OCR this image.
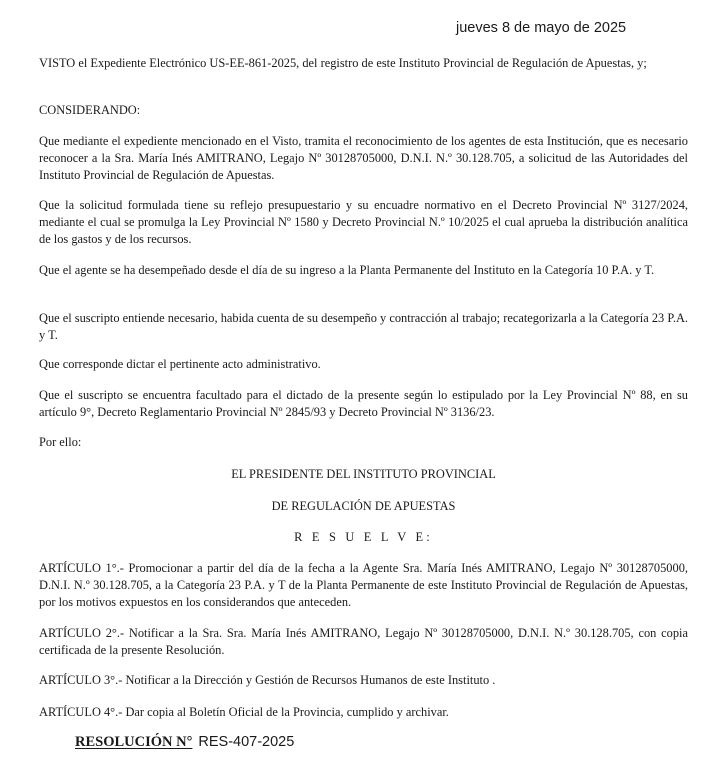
jueves 8 de mayo de 2025

VISTO el Expediente Electrónico US-EE-861-2025, del registro de este Instituto Provincial de Regulación de Apuestas, y;

CONSIDERANDO:

Que mediante el expediente mencionado en el Visto, tramita el reconocimiento de los agentes de esta Institución, que es necesario reconocer a la Sra. María Inés AMITRANO, Legajo Nº 30128705000, D.N.I. N.º 30.128.705, a solicitud de las Autoridades del Instituto Provincial de Regulación de Apuestas.

Que la solicitud formulada tiene su reflejo presupuestario y su encuadre normativo en el Decreto Provincial Nº 3127/2024, mediante el cual se promulga la Ley Provincial Nº 1580 y Decreto Provincial N.º 10/2025 el cual aprueba la distribución analítica de los gastos y de los recursos.

Que el agente se ha desempeñado desde el día de su ingreso a la Planta Permanente del Instituto en la Categoría 10 P.A. y T.

Que el suscripto entiende necesario, habida cuenta de su desempeño y contracción al trabajo; recategorizarla a la Categoría 23 P.A. y T.

Que corresponde dictar el pertinente acto administrativo.

Que el suscripto se encuentra facultado para el dictado de la presente según lo estipulado por la Ley Provincial Nº 88, en su artículo 9°, Decreto Reglamentario Provincial Nº 2845/93 y Decreto Provincial Nº 3136/23.

Por ello:

EL PRESIDENTE DEL INSTITUTO PROVINCIAL

DE REGULACIÓN DE APUESTAS

R E S U E L V E:

ARTÍCULO 1°.- Promocionar a partir del día de la fecha a la Agente Sra. María Inés AMITRANO, Legajo Nº 30128705000, D.N.I. N.º 30.128.705, a la Categoría 23 P.A. y T de la Planta Permanente de este Instituto Provincial de Regulación de Apuestas, por los motivos expuestos en los considerandos que anteceden.

ARTÍCULO 2°.- Notificar a la Sra. Sra. María Inés AMITRANO, Legajo Nº 30128705000, D.N.I. N.º 30.128.705, con copia certificada de la presente Resolución.

ARTÍCULO 3°.- Notificar a la Dirección y Gestión de Recursos Humanos de este Instituto .

ARTÍCULO 4°.- Dar copia al Boletín Oficial de la Provincia, cumplido y archivar.

RESOLUCIÓN N° RES-407-2025
